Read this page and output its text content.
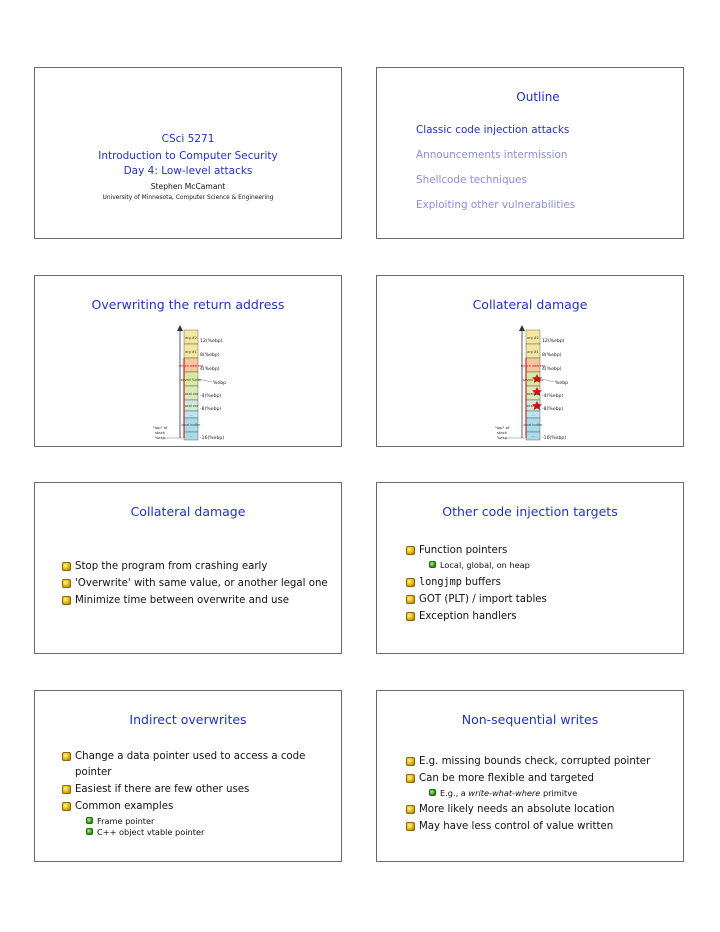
CSci 5271
Introduction to Computer Security
Day 4: Low-level attacks
Stephen McCamant
University of Minnesota, Computer Science & Engineering
Outline
Classic code injection attacks
Announcements intermission
Shellcode techniques
Exploiting other vulnerabilities
Overwriting the return address
arg #2
arg #1
return address
saved %ebp
local var
local var
...
local buffer
...
12(%ebp)
8(%ebp)
4(%ebp)
%ebp
-4(%ebp)
-8(%ebp)
-16(%ebp)
"top" of
stack
%esp
Collateral damage
arg #2
arg #1
return address
saved %ebp
local var
local var
...
local buffer
...
12(%ebp)
8(%ebp)
4(%ebp)
%ebp
-4(%ebp)
-8(%ebp)
-16(%ebp)
"top" of
stack
%esp
Collateral damage
Stop the program from crashing early
'Overwrite' with same value, or another legal one
Minimize time between overwrite and use
Other code injection targets
Function pointers
Local, global, on heap
longjmp buffers
GOT (PLT) / import tables
Exception handlers
Indirect overwrites
Change a data pointer used to access a code
pointer
Easiest if there are few other uses
Common examples
Frame pointer
C++ object vtable pointer
Non-sequential writes
E.g. missing bounds check, corrupted pointer
Can be more flexible and targeted
E.g., a write-what-where primitve
More likely needs an absolute location
May have less control of value written
